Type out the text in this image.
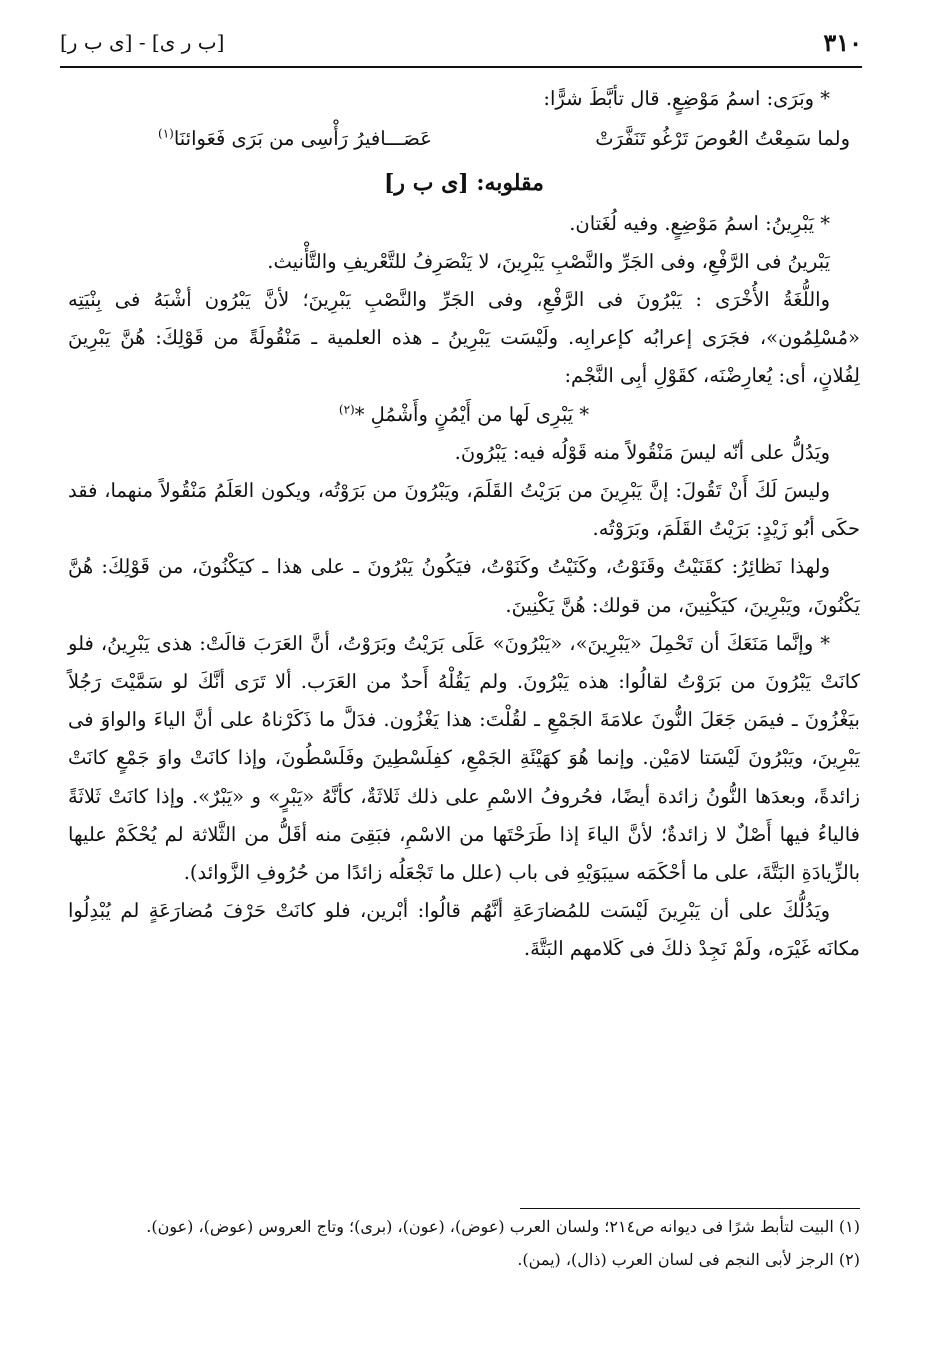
٣١٠
[ب ر ى] - [ى ب ر]

* وبَرَى: اسمُ مَوْضِعٍ. قال تأبَّطَ شرًّا:

ولما سَمِعْتُ العُوصَ تَرْغُو تَنَفَّرَتْ
عَصَـــافيرُ رَأْسِى من بَرَى فَعَوائنَا$^{(١)}$
مقلوبه: [ى ب ر]

* يَبْرِينُ: اسمُ مَوْضِعٍ. وفيه لُغَتان.

يَبْرينُ فى الرَّفْعِ، وفى الجَرِّ والنَّصْبِ يَبْرِينَ، لا يَنْصَرِفُ للتَّعْريفِ والتَّأْنيث.

واللُّغَةُ الأُخْرَى : يَبْرُونَ فى الرَّفْعِ، وفى الجَرِّ والنَّصْبِ يَبْرِينَ؛ لأنَّ يَبْرُون أشْبَهُ فى بِنْيَتِه «مُسْلِمُون»، فجَرَى إعرابُه كإعرابِه. ولَيْسَت يَبْرِينُ ـ هذه العلمية ـ مَنْقُولَةً من قَوْلِكَ: هُنَّ يَبْرِينَ لِفُلانٍ، أى: يُعارِضْنَه، كقَوْلِ أبِى النَّجْم:

* يَبْرِى لَها من أَيْمُنٍ وأَشْمُلِ *$^{(٢)}$

ويَدُلُّ على أنّه ليسَ مَنْقُولاً منه قَوْلُه فيه: يَبْرُونَ.

وليسَ لَكَ أَنْ تَقُولَ: إنَّ يَبْرِينَ من بَرَيْتُ القَلَمَ، ويَبْرُونَ من بَرَوْتُه، ويكون العَلَمُ مَنْقُولاً منهما، فقد حكَى أبُو زَيْدٍ: بَرَيْتُ القَلَمَ، وبَرَوْتُه.

ولهذا نَظائِرُ: كقَنَيْتُ وقَنَوْتُ، وكَنَيْتُ وكَنَوْتُ، فيَكُونُ يَبْرُونَ ـ على هذا ـ كيَكْنُونَ، من قَوْلِكَ: هُنَّ يَكْنُونَ، ويَبْرِينَ، كيَكْنِينَ، من قولك: هُنَّ يَكْنِينَ.

* وإنَّما مَنَعَكَ أن تَحْمِلَ «يَبْرِينَ»، «يَبْرُونَ» عَلَى بَرَيْتُ وبَرَوْتُ، أنَّ العَرَبَ قالَتْ: هذى يَبْرِينُ، فلو كانَتْ يَبْرُونَ من بَرَوْتُ لقالُوا: هذه يَبْرُونَ. ولم يَقُلْهُ أَحدٌ من العَرَب. ألا تَرَى أنَّكَ لو سَمَّيْتَ رَجُلاً بيَغْزُونَ ـ فيمَن جَعَلَ النُّونَ علامَةَ الجَمْعِ ـ لقُلْتَ: هذا يَغْزُون. فدَلَّ ما ذَكَرْناهُ على أنَّ الياءَ والواوَ فى يَبْرِينَ، ويَبْرُونَ لَيْسَتا لامَيْن. وإنما هُوَ كهَيْئَةِ الجَمْعِ، كفِلَسْطِينَ وفَلَسْطُونَ، وإذا كانَتْ واوَ جَمْعٍ كانَتْ زائدةً، وبعدَها النُّونُ زائدة أيضًا، فحُروفُ الاسْمِ على ذلك ثَلاثَةٌ، كأنَّهُ «يَبْرٍ» و «يَبْرٌ». وإذا كانَتْ ثَلاثَةً فالياءُ فيها أَصْلٌ لا زائدةٌ؛ لأنَّ الياءَ إذا طَرَحْتَها من الاسْمِ، فبَقِىَ منه أقَلُّ من الثَّلاثة لم يُحْكَمْ عليها بالزِّيادَةِ البَتَّةَ، على ما أحْكَمَه سيبَوَيْهِ فى باب (علل ما تَجْعَلُه زائدًا من حُرُوفِ الزَّوائد).

ويَدُلُّكَ على أن يَبْرِينَ لَيْسَت للمُضارَعَةِ أنَّهُم قالُوا: أبْرين، فلو كانَتْ حَرْفَ مُضارَعَةٍ لم يُبْدِلُوا مكانَه غَيْرَه، ولَمْ نَجِدْ ذلكَ فى كَلامهم البَتَّةَ.

(١) البيت لتأبط شرًا فى ديوانه ص٢١٤؛ ولسان العرب (عوض)، (عون)، (برى)؛ وتاج العروس (عوض)، (عون).

(٢) الرجز لأبى النجم فى لسان العرب (ذال)، (يمن).
